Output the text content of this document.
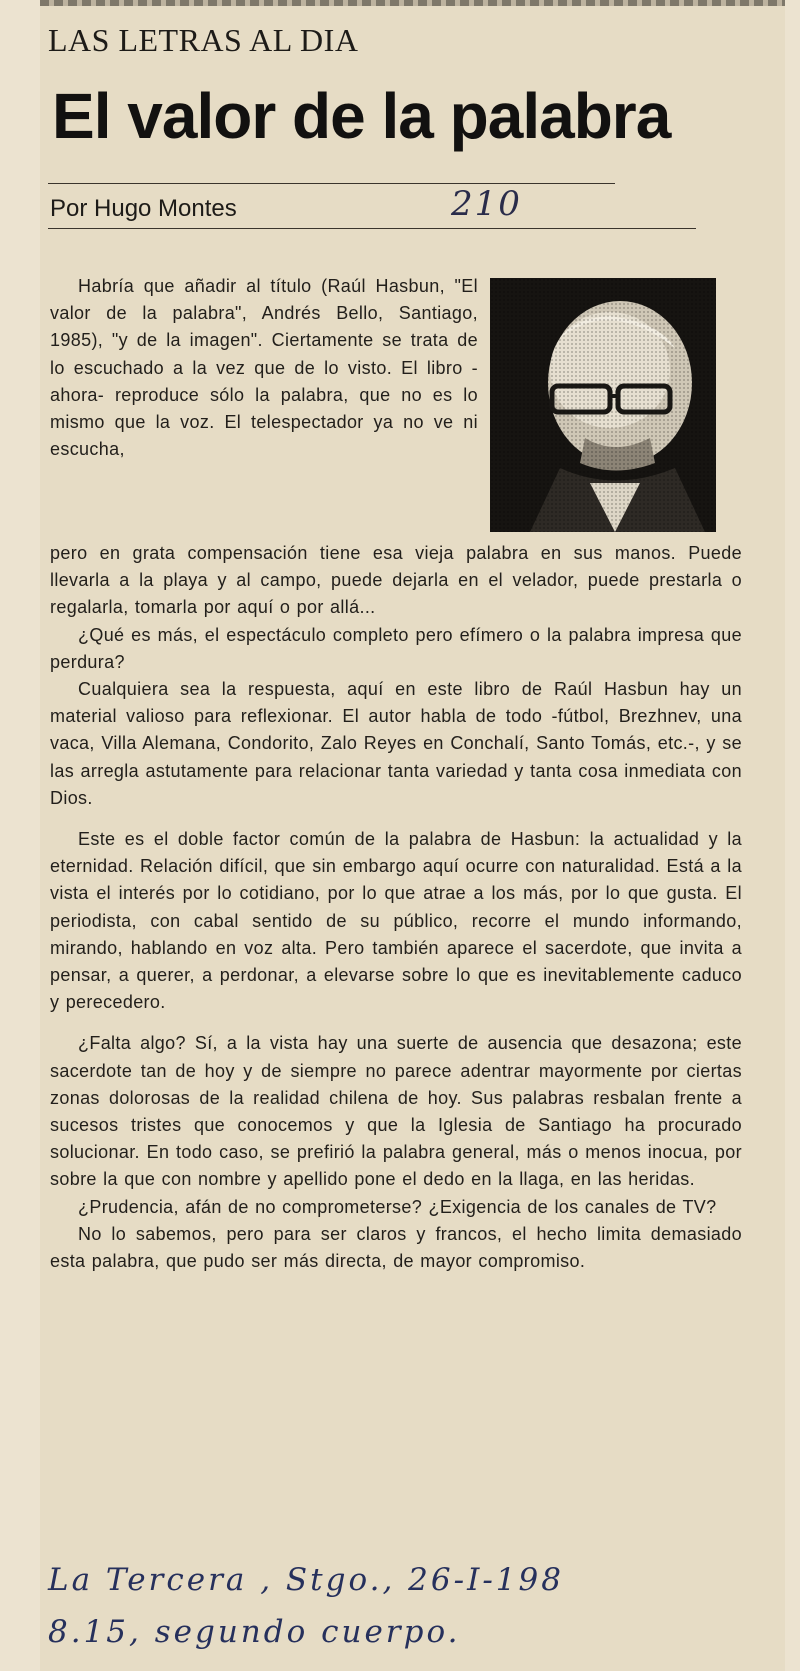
LAS LETRAS AL DIA
El valor de la palabra
Por Hugo Montes	210

Habría que añadir al título (Raúl Hasbun, "El valor de la palabra", Andrés Bello, Santiago, 1985), "y de la imagen". Ciertamente se trata de lo escuchado a la vez que de lo visto. El libro -ahora- reproduce sólo la palabra, que no es lo mismo que la voz. El telespectador ya no ve ni escucha,

pero en grata compensación tiene esa vieja palabra en sus manos. Puede llevarla a la playa y al campo, puede dejarla en el velador, puede prestarla o regalarla, tomarla por aquí o por allá...

¿Qué es más, el espectáculo completo pero efímero o la palabra impresa que perdura?

Cualquiera sea la respuesta, aquí en este libro de Raúl Hasbun hay un material valioso para reflexionar. El autor habla de todo -fútbol, Brezhnev, una vaca, Villa Alemana, Condorito, Zalo Reyes en Conchalí, Santo Tomás, etc.-, y se las arregla astutamente para relacionar tanta variedad y tanta cosa inmediata con Dios.

Este es el doble factor común de la palabra de Hasbun: la actualidad y la eternidad. Relación difícil, que sin embargo aquí ocurre con naturalidad. Está a la vista el interés por lo cotidiano, por lo que atrae a los más, por lo que gusta. El periodista, con cabal sentido de su público, recorre el mundo informando, mirando, hablando en voz alta. Pero también aparece el sacerdote, que invita a pensar, a querer, a perdonar, a elevarse sobre lo que es inevitablemente caduco y perecedero.

¿Falta algo? Sí, a la vista hay una suerte de ausencia que desazona; este sacerdote tan de hoy y de siempre no parece adentrar mayormente por ciertas zonas dolorosas de la realidad chilena de hoy. Sus palabras resbalan frente a sucesos tristes que conocemos y que la Iglesia de Santiago ha procurado solucionar. En todo caso, se prefirió la palabra general, más o menos inocua, por sobre la que con nombre y apellido pone el dedo en la llaga, en las heridas.

¿Prudencia, afán de no comprometerse? ¿Exigencia de los canales de TV?

No lo sabemos, pero para ser claros y francos, el hecho limita demasiado esta palabra, que pudo ser más directa, de mayor compromiso.

La Tercera , Stgo., 26-I-198
8.15, segundo cuerpo.
